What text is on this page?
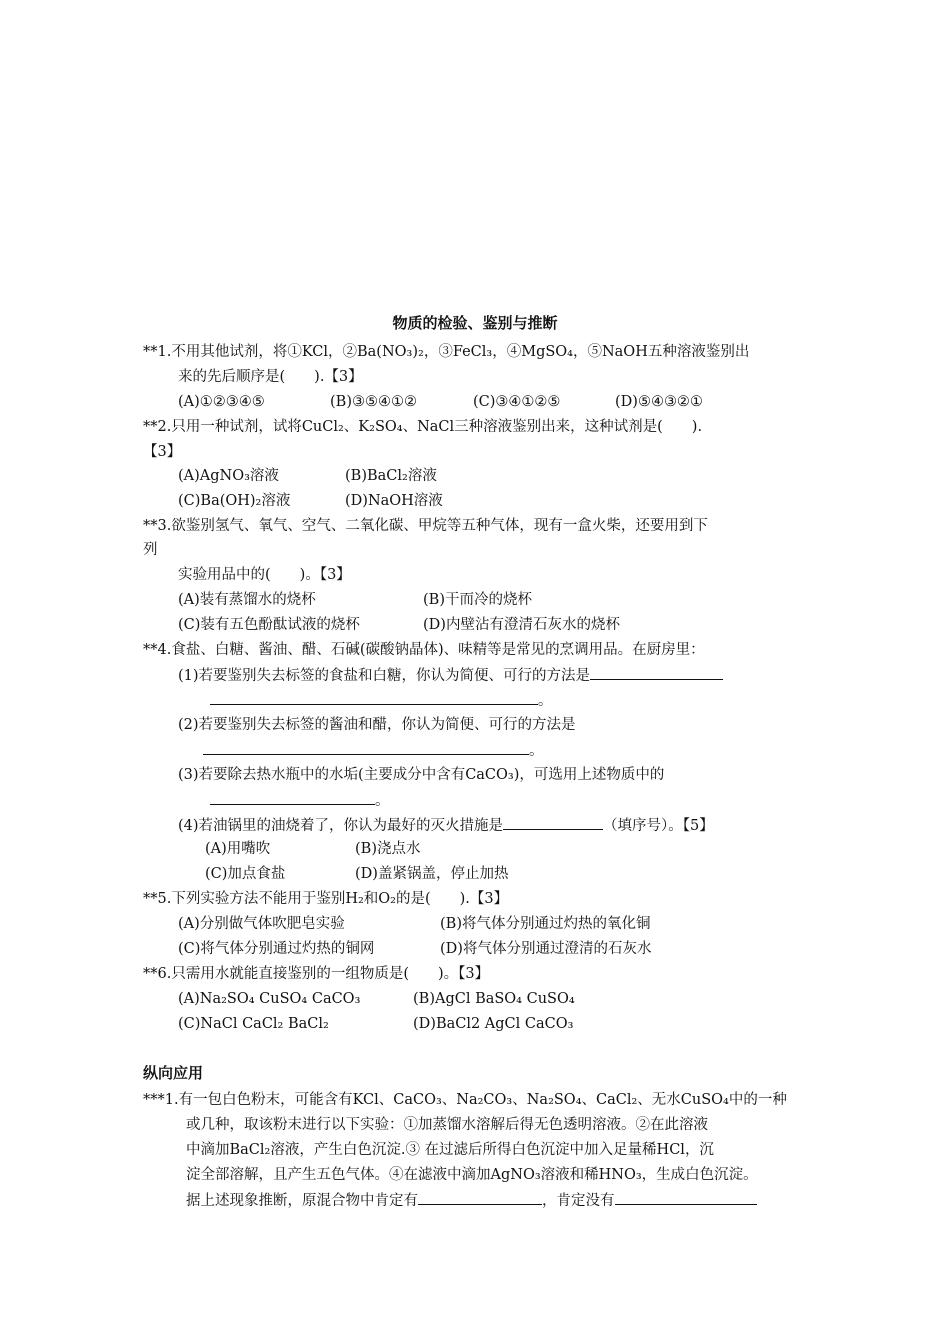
物质的检验、鉴别与推断
**1.不用其他试剂，将①KCl，②Ba(NO₃)₂，③FeCl₃，④MgSO₄，⑤NaOH五种溶液鉴别出
来的先后顺序是(　　).【3】
(A)①②③④⑤	(B)③⑤④①②	(C)③④①②⑤	(D)⑤④③②①
**2.只用一种试剂，试将CuCl₂、K₂SO₄、NaCl三种溶液鉴别出来，这种试剂是(　　).
【3】
(A)AgNO₃溶液	(B)BaCl₂溶液
(C)Ba(OH)₂溶液	(D)NaOH溶液
**3.欲鉴别氢气、氧气、空气、二氧化碳、甲烷等五种气体，现有一盒火柴，还要用到下
列
实验用品中的(　　)。【3】
(A)装有蒸馏水的烧杯	(B)干而冷的烧杯
(C)装有五色酚酞试液的烧杯	(D)内壁沾有澄清石灰水的烧杯
**4.食盐、白糖、酱油、醋、石碱(碳酸钠晶体)、味精等是常见的烹调用品。在厨房里：
(1)若要鉴别失去标签的食盐和白糖，你认为简便、可行的方法是
。
(2)若要鉴别失去标签的酱油和醋，你认为简便、可行的方法是
。
(3)若要除去热水瓶中的水垢(主要成分中含有CaCO₃)，可选用上述物质中的
。
(4)若油锅里的油烧着了，你认为最好的灭火措施是	（填序号）。【5】
(A)用嘴吹	(B)浇点水
(C)加点食盐	(D)盖紧锅盖，停止加热
**5.下列实验方法不能用于鉴别H₂和O₂的是(　　).【3】
(A)分别做气体吹肥皂实验	(B)将气体分别通过灼热的氧化铜
(C)将气体分别通过灼热的铜网	(D)将气体分别通过澄清的石灰水
**6.只需用水就能直接鉴别的一组物质是(　　)。【3】
(A)Na₂SO₄ CuSO₄ CaCO₃	(B)AgCl BaSO₄ CuSO₄
(C)NaCl CaCl₂ BaCl₂	(D)BaCl2 AgCl CaCO₃
纵向应用
***1.有一包白色粉末，可能含有KCl、CaCO₃、Na₂CO₃、Na₂SO₄、CaCl₂、无水CuSO₄中的一种
或几种，取该粉末进行以下实验：①加蒸馏水溶解后得无色透明溶液。②在此溶液
中滴加BaCl₂溶液，产生白色沉淀.③ 在过滤后所得白色沉淀中加入足量稀HCl，沉
淀全部溶解，且产生五色气体。④在滤液中滴加AgNO₃溶液和稀HNO₃，生成白色沉淀。
据上述现象推断，原混合物中肯定有	，肯定没有
